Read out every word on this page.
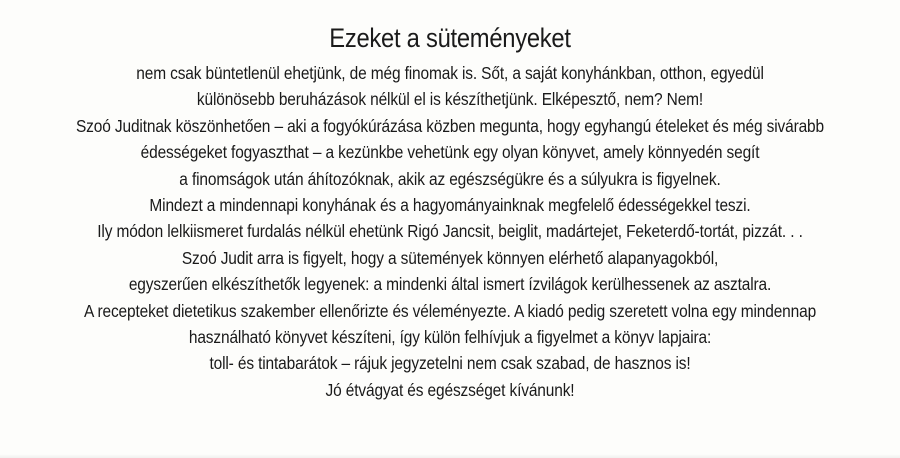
Ezeket a süteményeket
nem csak büntetlenül ehetjünk, de még finomak is. Sőt, a saját konyhánkban, otthon, egyedül
különösebb beruházások nélkül el is készíthetjünk. Elképesztő, nem? Nem!
Szoó Juditnak köszönhetően – aki a fogyókúrázása közben megunta, hogy egyhangú ételeket és még sivárabb
édességeket fogyaszthat – a kezünkbe vehetünk egy olyan könyvet, amely könnyedén segít
a finomságok után áhítozóknak, akik az egészségükre és a súlyukra is figyelnek.
Mindezt a mindennapi konyhának és a hagyományainknak megfelelő édességekkel teszi.
Ily módon lelkiismeret furdalás nélkül ehetünk Rigó Jancsit, beiglit, madártejet, Feketerdő-tortát, pizzát. . .
Szoó Judit arra is figyelt, hogy a sütemények könnyen elérhető alapanyagokból,
egyszerűen elkészíthetők legyenek: a mindenki által ismert ízvilágok kerülhessenek az asztalra.
A recepteket dietetikus szakember ellenőrizte és véleményezte. A kiadó pedig szeretett volna egy mindennap
használható könyvet készíteni, így külön felhívjuk a figyelmet a könyv lapjaira:
toll- és tintabarátok – rájuk jegyzetelni nem csak szabad, de hasznos is!
Jó étvágyat és egészséget kívánunk!
